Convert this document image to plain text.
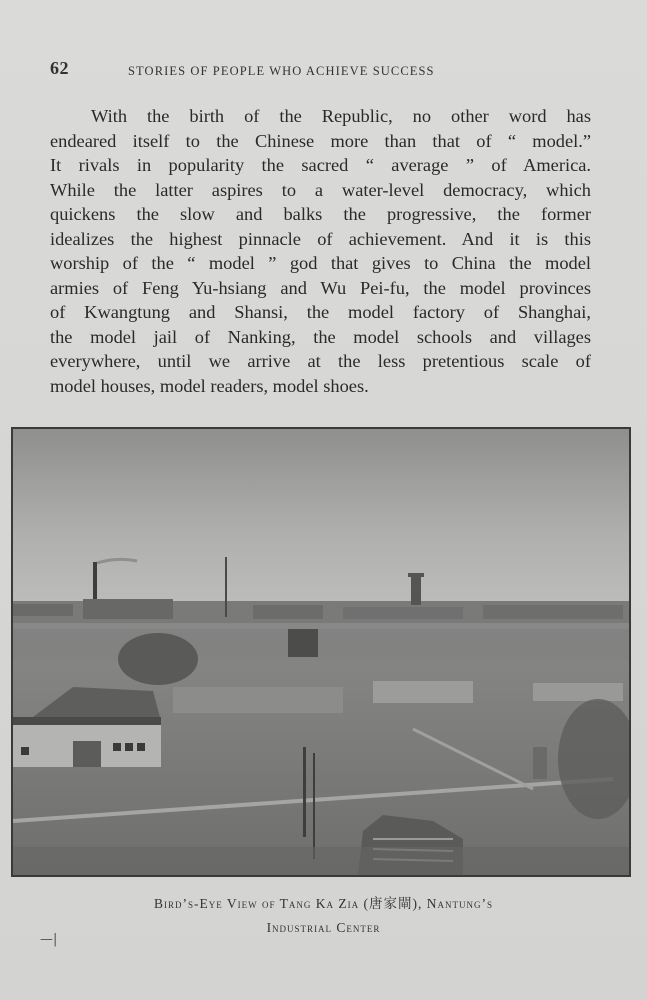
62	STORIES OF PEOPLE WHO ACHIEVE SUCCESS
With the birth of the Republic, no other word has
endeared itself to the Chinese more than that of “ model.”
It rivals in popularity the sacred “ average ” of America.
While the latter aspires to a water-level democracy, which
quickens the slow and balks the progressive, the former
idealizes the highest pinnacle of achievement. And it is this
worship of the “ model ” god that gives to China the model
armies of Feng Yu-hsiang and Wu Pei-fu, the model provinces
of Kwangtung and Shansi, the model factory of Shanghai,
the model jail of Nanking, the model schools and villages
everywhere, until we arrive at the less pretentious scale of
model houses, model readers, model shoes.
Bird’s-Eye View of Tang Ka Zia (唐家閘), Nantung’s
Industrial Center
—|
